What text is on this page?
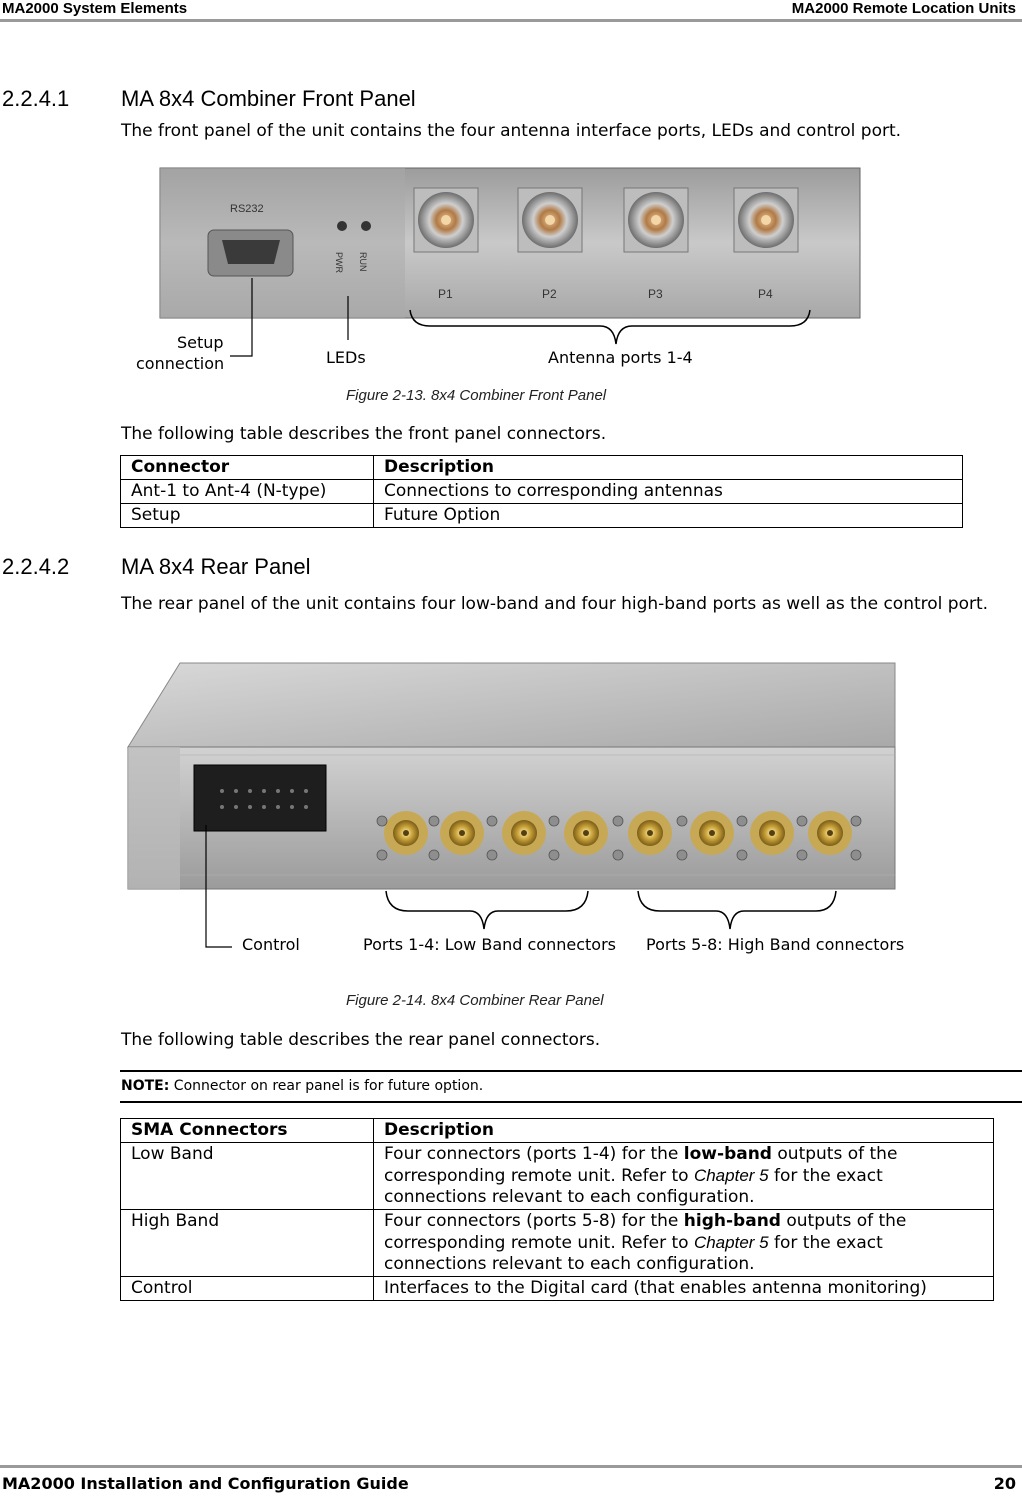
MA2000 System Elements	MA2000 Remote Location Units
2.2.4.1 MA 8x4 Combiner Front Panel
The front panel of the unit contains the four antenna interface ports, LEDs and control port.
RS232
PWR RUN
P1	P2	P3	P4
Setup
connection	LEDs	Antenna ports 1-4
Figure 2-13. 8x4 Combiner Front Panel
The following table describes the front panel connectors.
Connector	Description
Ant-1 to Ant-4 (N-type)	Connections to corresponding antennas
Setup	Future Option
2.2.4.2 MA 8x4 Rear Panel
The rear panel of the unit contains four low-band and four high-band ports as well as the control port.
Control	Ports 1-4: Low Band connectors Ports 5-8: High Band connectors
Figure 2-14. 8x4 Combiner Rear Panel
The following table describes the rear panel connectors.
NOTE: Connector on rear panel is for future option.
SMA Connectors	Description
Low Band	Four connectors (ports 1-4) for the low-band outputs of the corresponding remote unit. Refer to Chapter 5 for the exact connections relevant to each configuration.
High Band	Four connectors (ports 5-8) for the high-band outputs of the corresponding remote unit. Refer to Chapter 5 for the exact connections relevant to each configuration.
Control	Interfaces to the Digital card (that enables antenna monitoring)
MA2000 Installation and Configuration Guide	20
